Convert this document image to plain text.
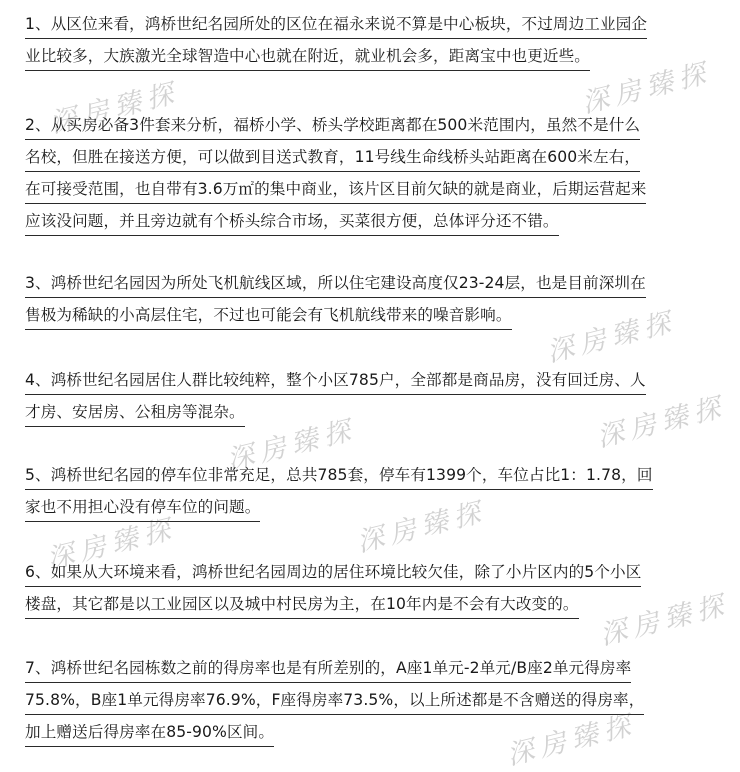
深房臻探	深房臻探
深房臻探
深房臻探
深房臻探
深房臻探	深房臻探
深房臻探
深房臻探
1、从区位来看，鸿桥世纪名园所处的区位在福永来说不算是中心板块，不过周边工业园企
业比较多，大族激光全球智造中心也就在附近，就业机会多，距离宝中也更近些。
2、从买房必备3件套来分析，福桥小学、桥头学校距离都在500米范围内，虽然不是什么
名校，但胜在接送方便，可以做到目送式教育，11号线生命线桥头站距离在600米左右，
在可接受范围，也自带有3.6万㎡的集中商业，该片区目前欠缺的就是商业，后期运营起来
应该没问题，并且旁边就有个桥头综合市场，买菜很方便，总体评分还不错。
3、鸿桥世纪名园因为所处飞机航线区域，所以住宅建设高度仅23-24层，也是目前深圳在
售极为稀缺的小高层住宅，不过也可能会有飞机航线带来的噪音影响。
4、鸿桥世纪名园居住人群比较纯粹，整个小区785户，全部都是商品房，没有回迁房、人
才房、安居房、公租房等混杂。
5、鸿桥世纪名园的停车位非常充足，总共785套，停车有1399个，车位占比1：1.78，回
家也不用担心没有停车位的问题。
6、如果从大环境来看，鸿桥世纪名园周边的居住环境比较欠佳，除了小片区内的5个小区
楼盘，其它都是以工业园区以及城中村民房为主，在10年内是不会有大改变的。
7、鸿桥世纪名园栋数之前的得房率也是有所差别的，A座1单元-2单元/B座2单元得房率
75.8%，B座1单元得房率76.9%，F座得房率73.5%，以上所述都是不含赠送的得房率，
加上赠送后得房率在85-90%区间。
